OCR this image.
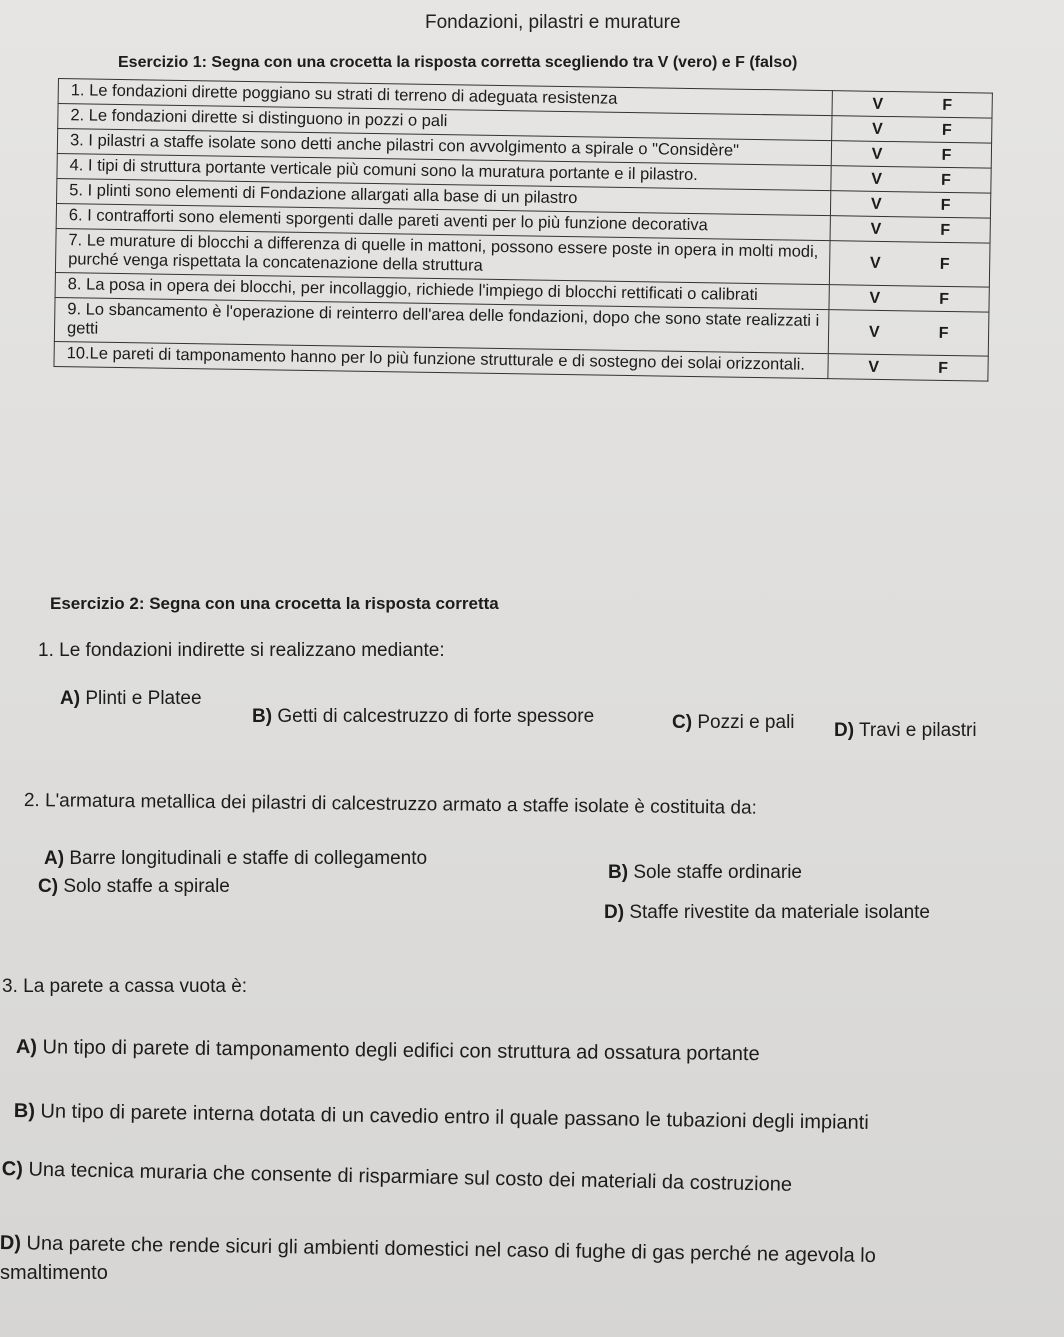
Fondazioni, pilastri e murature
Esercizio 1: Segna con una crocetta la risposta corretta scegliendo tra V (vero) e F (falso)
1. Le fondazioni dirette poggiano su strati di terreno di adeguata resistenza	V F

2. Le fondazioni dirette si distinguono in pozzi o pali	V F

3. I pilastri a staffe isolate sono detti anche pilastri con avvolgimento a spirale o "Considère"	V F

4. I tipi di struttura portante verticale più comuni sono la muratura portante e il pilastro.	V F

5. I plinti sono elementi di Fondazione allargati alla base di un pilastro	V F

6. I contrafforti sono elementi sporgenti dalle pareti aventi per lo più funzione decorativa	V F

7. Le murature di blocchi a differenza di quelle in mattoni, possono essere poste in opera in molti modi, purché venga rispettata la concatenazione della struttura	V F

8. La posa in opera dei blocchi, per incollaggio, richiede l'impiego di blocchi rettificati o calibrati	V F

9. Lo sbancamento è l'operazione di reinterro dell'area delle fondazioni, dopo che sono state realizzati i getti	V F

10.Le pareti di tamponamento hanno per lo più funzione strutturale e di sostegno dei solai orizzontali.	V F
Esercizio 2: Segna con una crocetta la risposta corretta
1. Le fondazioni indirette si realizzano mediante:
A) Plinti e Platee
B) Getti di calcestruzzo di forte spessore	C) Pozzi e pali D) Travi e pilastri
2. L'armatura metallica dei pilastri di calcestruzzo armato a staffe isolate è costituita da:
A) Barre longitudinali e staffe di collegamento
B) Sole staffe ordinarie
C) Solo staffe a spirale
D) Staffe rivestite da materiale isolante
3. La parete a cassa vuota è:
A) Un tipo di parete di tamponamento degli edifici con struttura ad ossatura portante
B) Un tipo di parete interna dotata di un cavedio entro il quale passano le tubazioni degli impianti
C) Una tecnica muraria che consente di risparmiare sul costo dei materiali da costruzione
D) Una parete che rende sicuri gli ambienti domestici nel caso di fughe di gas perché ne agevola lo
smaltimento
